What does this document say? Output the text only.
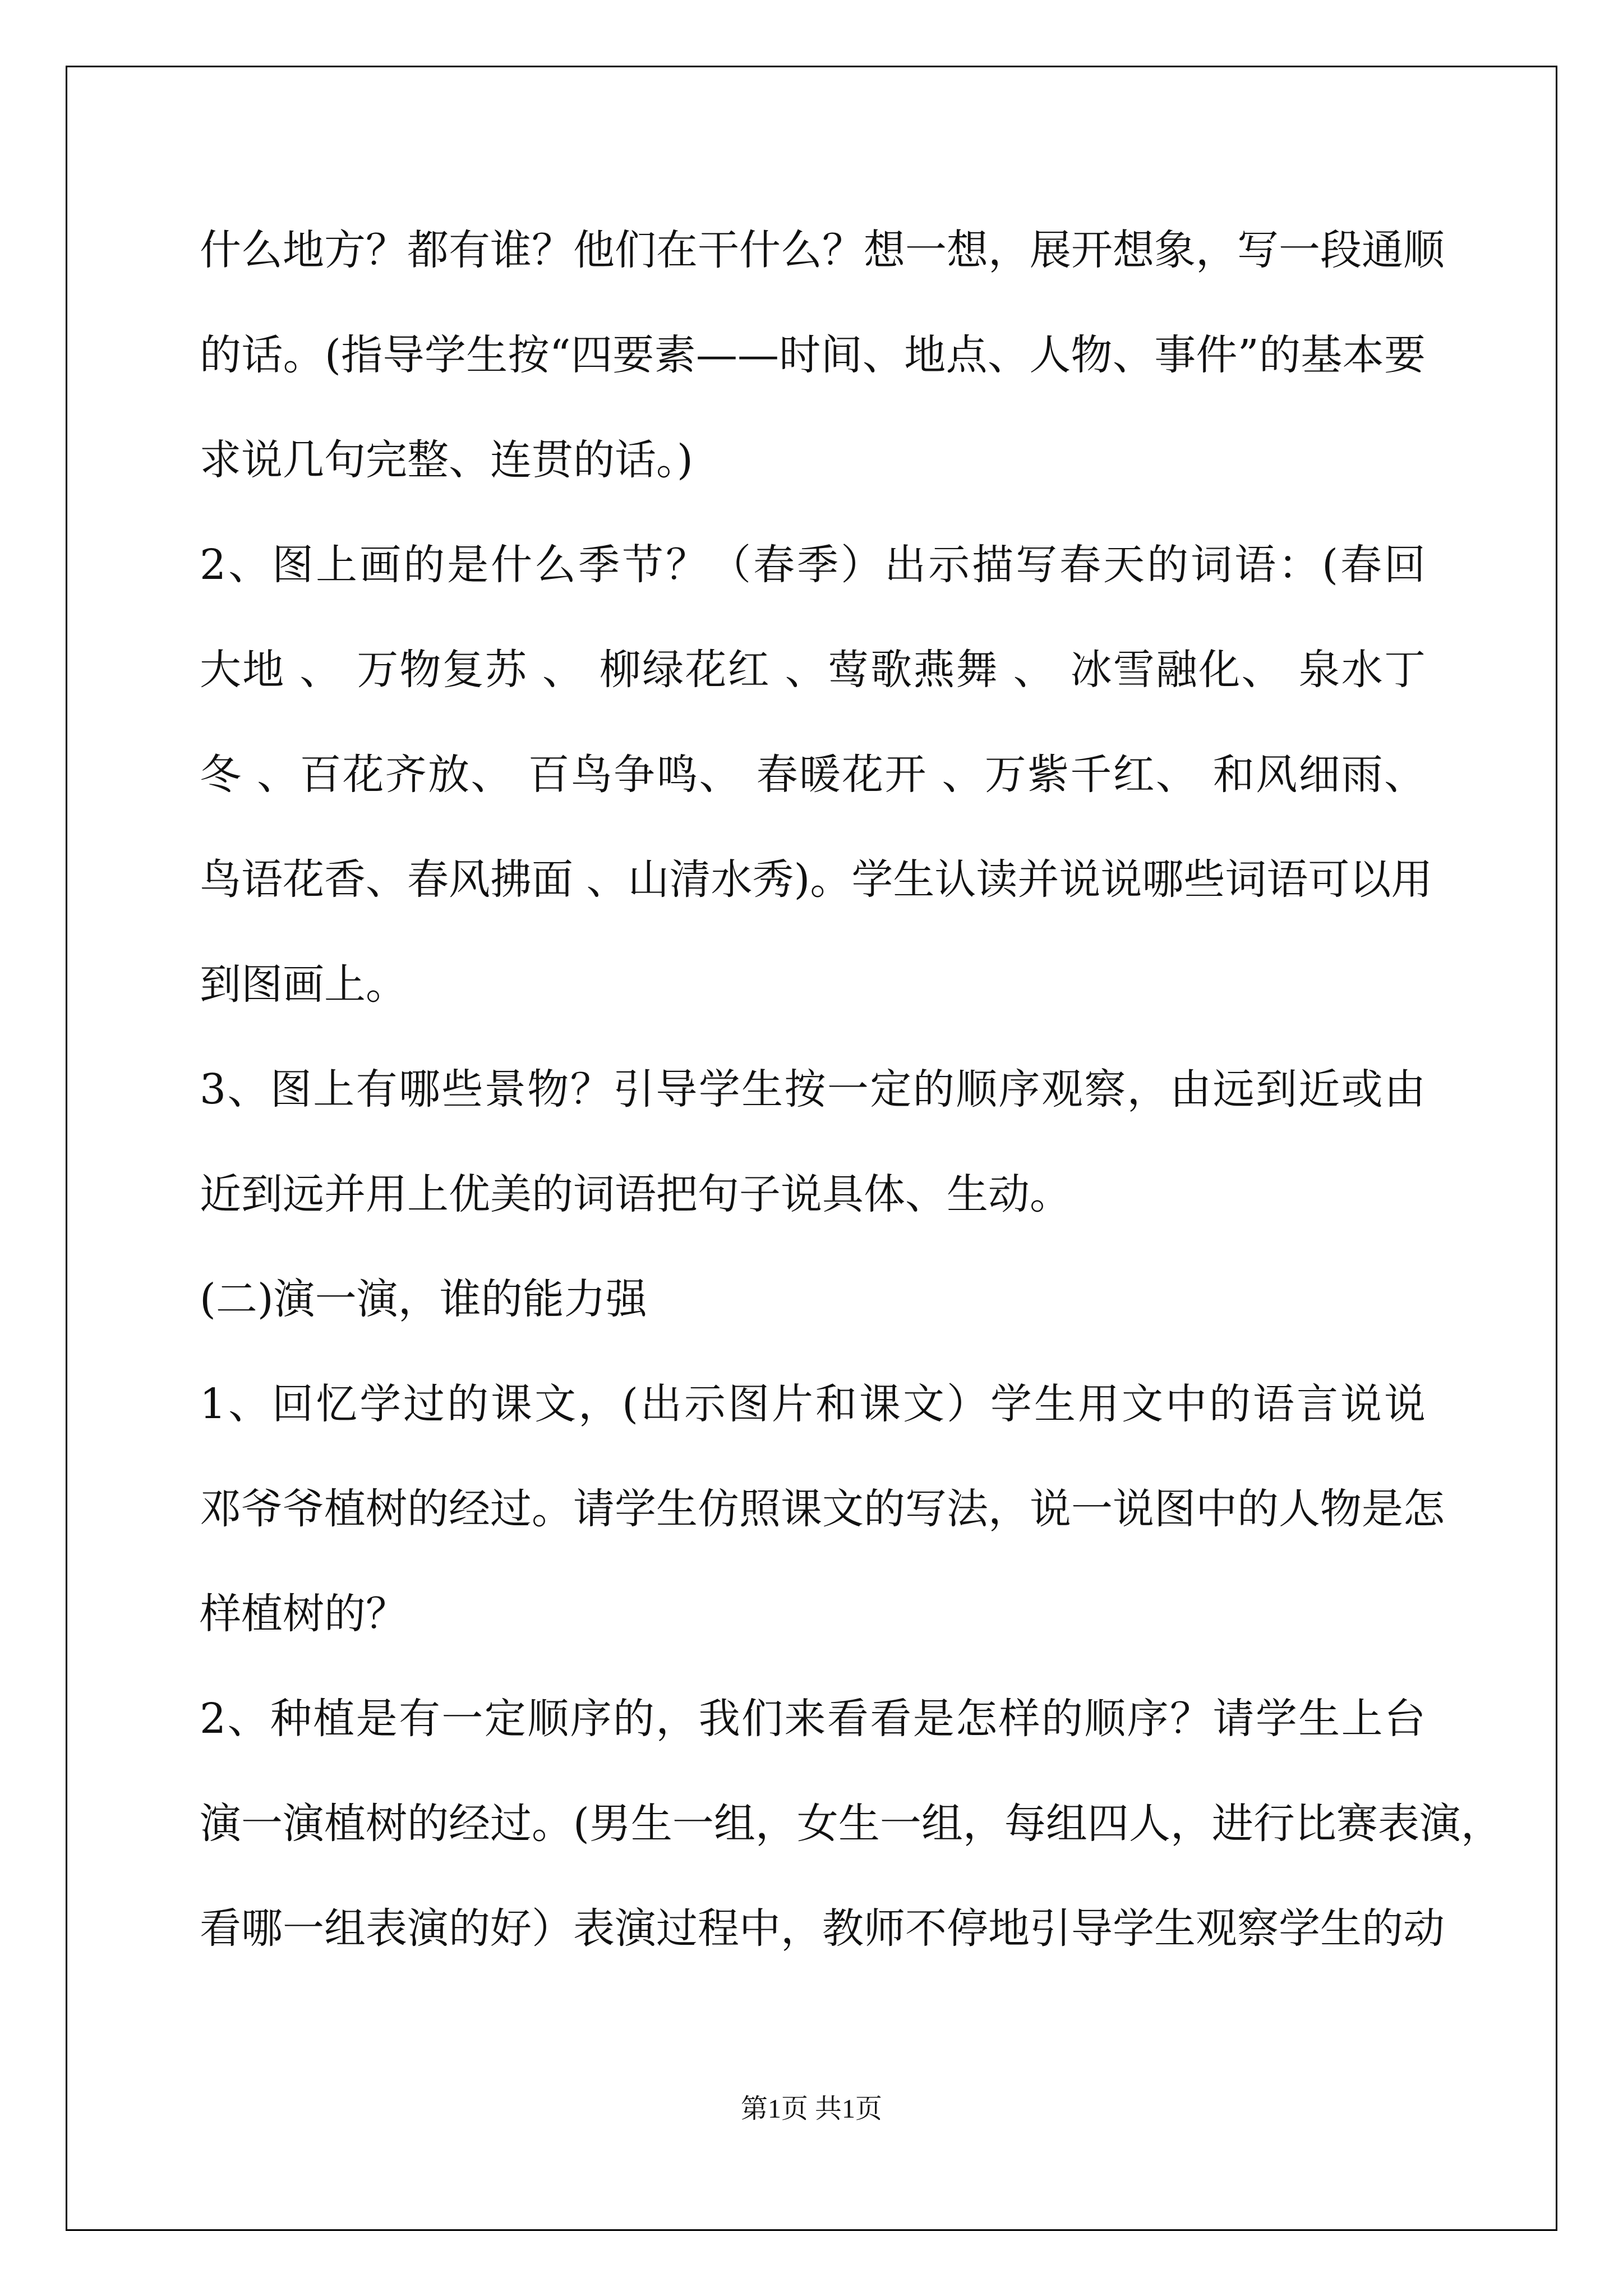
什么地方？都有谁？他们在干什么？想一想，展开想象，写一段通顺
的话。(指导学生按“四要素——时间、地点、人物、事件”的基本要
求说几句完整、连贯的话。)
2、图上画的是什么季节？（春季）出示描写春天的词语：(春回
大地 、 万物复苏 、 柳绿花红 、莺歌燕舞 、 冰雪融化、 泉水丁
冬 、百花齐放、 百鸟争鸣、 春暖花开 、万紫千红、 和风细雨、
鸟语花香、春风拂面 、山清水秀)。学生认读并说说哪些词语可以用
到图画上。
3、图上有哪些景物？引导学生按一定的顺序观察，由远到近或由
近到远并用上优美的词语把句子说具体、生动。
(二)演一演，谁的能力强
1、回忆学过的课文，(出示图片和课文）学生用文中的语言说说
邓爷爷植树的经过。请学生仿照课文的写法，说一说图中的人物是怎
样植树的？
2、种植是有一定顺序的，我们来看看是怎样的顺序？请学生上台
演一演植树的经过。(男生一组，女生一组，每组四人，进行比赛表演，
看哪一组表演的好）表演过程中，教师不停地引导学生观察学生的动
第1页 共1页
